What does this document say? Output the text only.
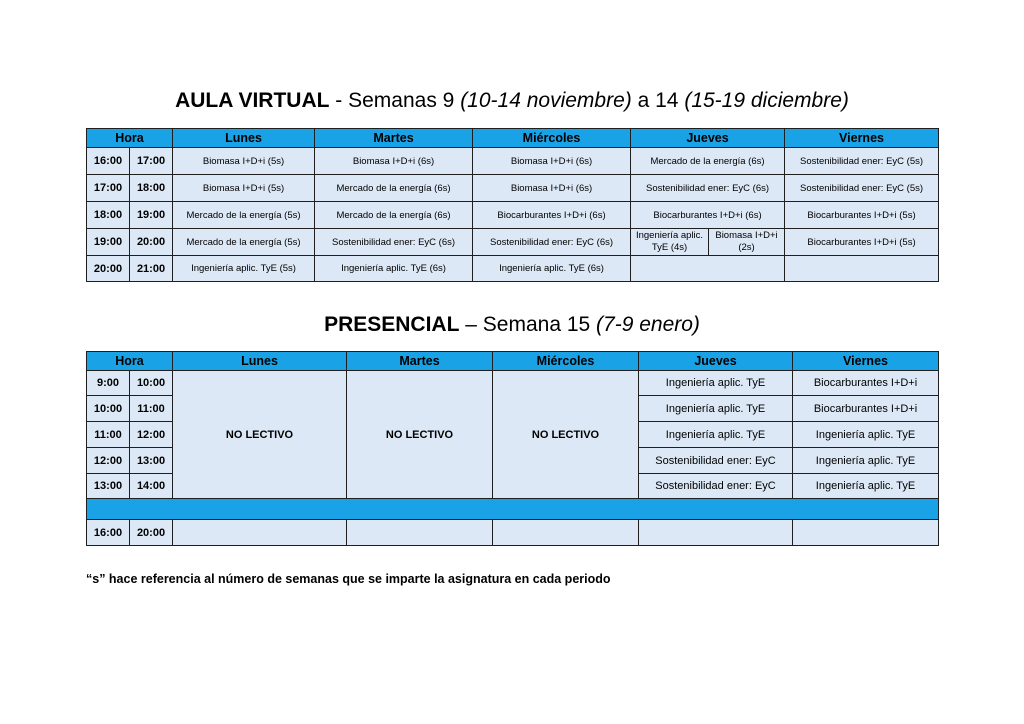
AULA VIRTUAL - Semanas 9 (10-14 noviembre) a 14 (15-19 diciembre)
Hora		Lunes	Martes	Miércoles	Jueves		Viernes
16:00	17:00	Biomasa I+D+i (5s)	Biomasa I+D+i (6s)	Biomasa I+D+i (6s)	Mercado de la energía (6s)		Sostenibilidad ener: EyC (5s)
17:00	18:00	Biomasa I+D+i (5s)	Mercado de la energía (6s)	Biomasa I+D+i (6s)	Sostenibilidad ener: EyC (6s)		Sostenibilidad ener: EyC (5s)
18:00	19:00	Mercado de la energía (5s)	Mercado de la energía (6s)	Biocarburantes I+D+i (6s)	Biocarburantes I+D+i (6s)		Biocarburantes I+D+i (5s)
19:00	20:00	Mercado de la energía (5s)	Sostenibilidad ener: EyC (6s)	Sostenibilidad ener: EyC (6s)	Ingeniería aplic. TyE (4s)	Biomasa I+D+i (2s)	Biocarburantes I+D+i (5s)
20:00	21:00	Ingeniería aplic. TyE (5s)	Ingeniería aplic. TyE (6s)	Ingeniería aplic. TyE (6s)			
PRESENCIAL – Semana 15 (7-9 enero)
Hora		Lunes	Martes	Miércoles	Jueves	Viernes
9:00	10:00	NO LECTIVO	NO LECTIVO	NO LECTIVO	Ingeniería aplic. TyE	Biocarburantes I+D+i
10:00	11:00				Ingeniería aplic. TyE	Biocarburantes I+D+i
11:00	12:00				Ingeniería aplic. TyE	Ingeniería aplic. TyE
12:00	13:00				Sostenibilidad ener: EyC	Ingeniería aplic. TyE
13:00	14:00				Sostenibilidad ener: EyC	Ingeniería aplic. TyE

16:00	20:00					
“s” hace referencia al número de semanas que se imparte la asignatura en cada periodo
